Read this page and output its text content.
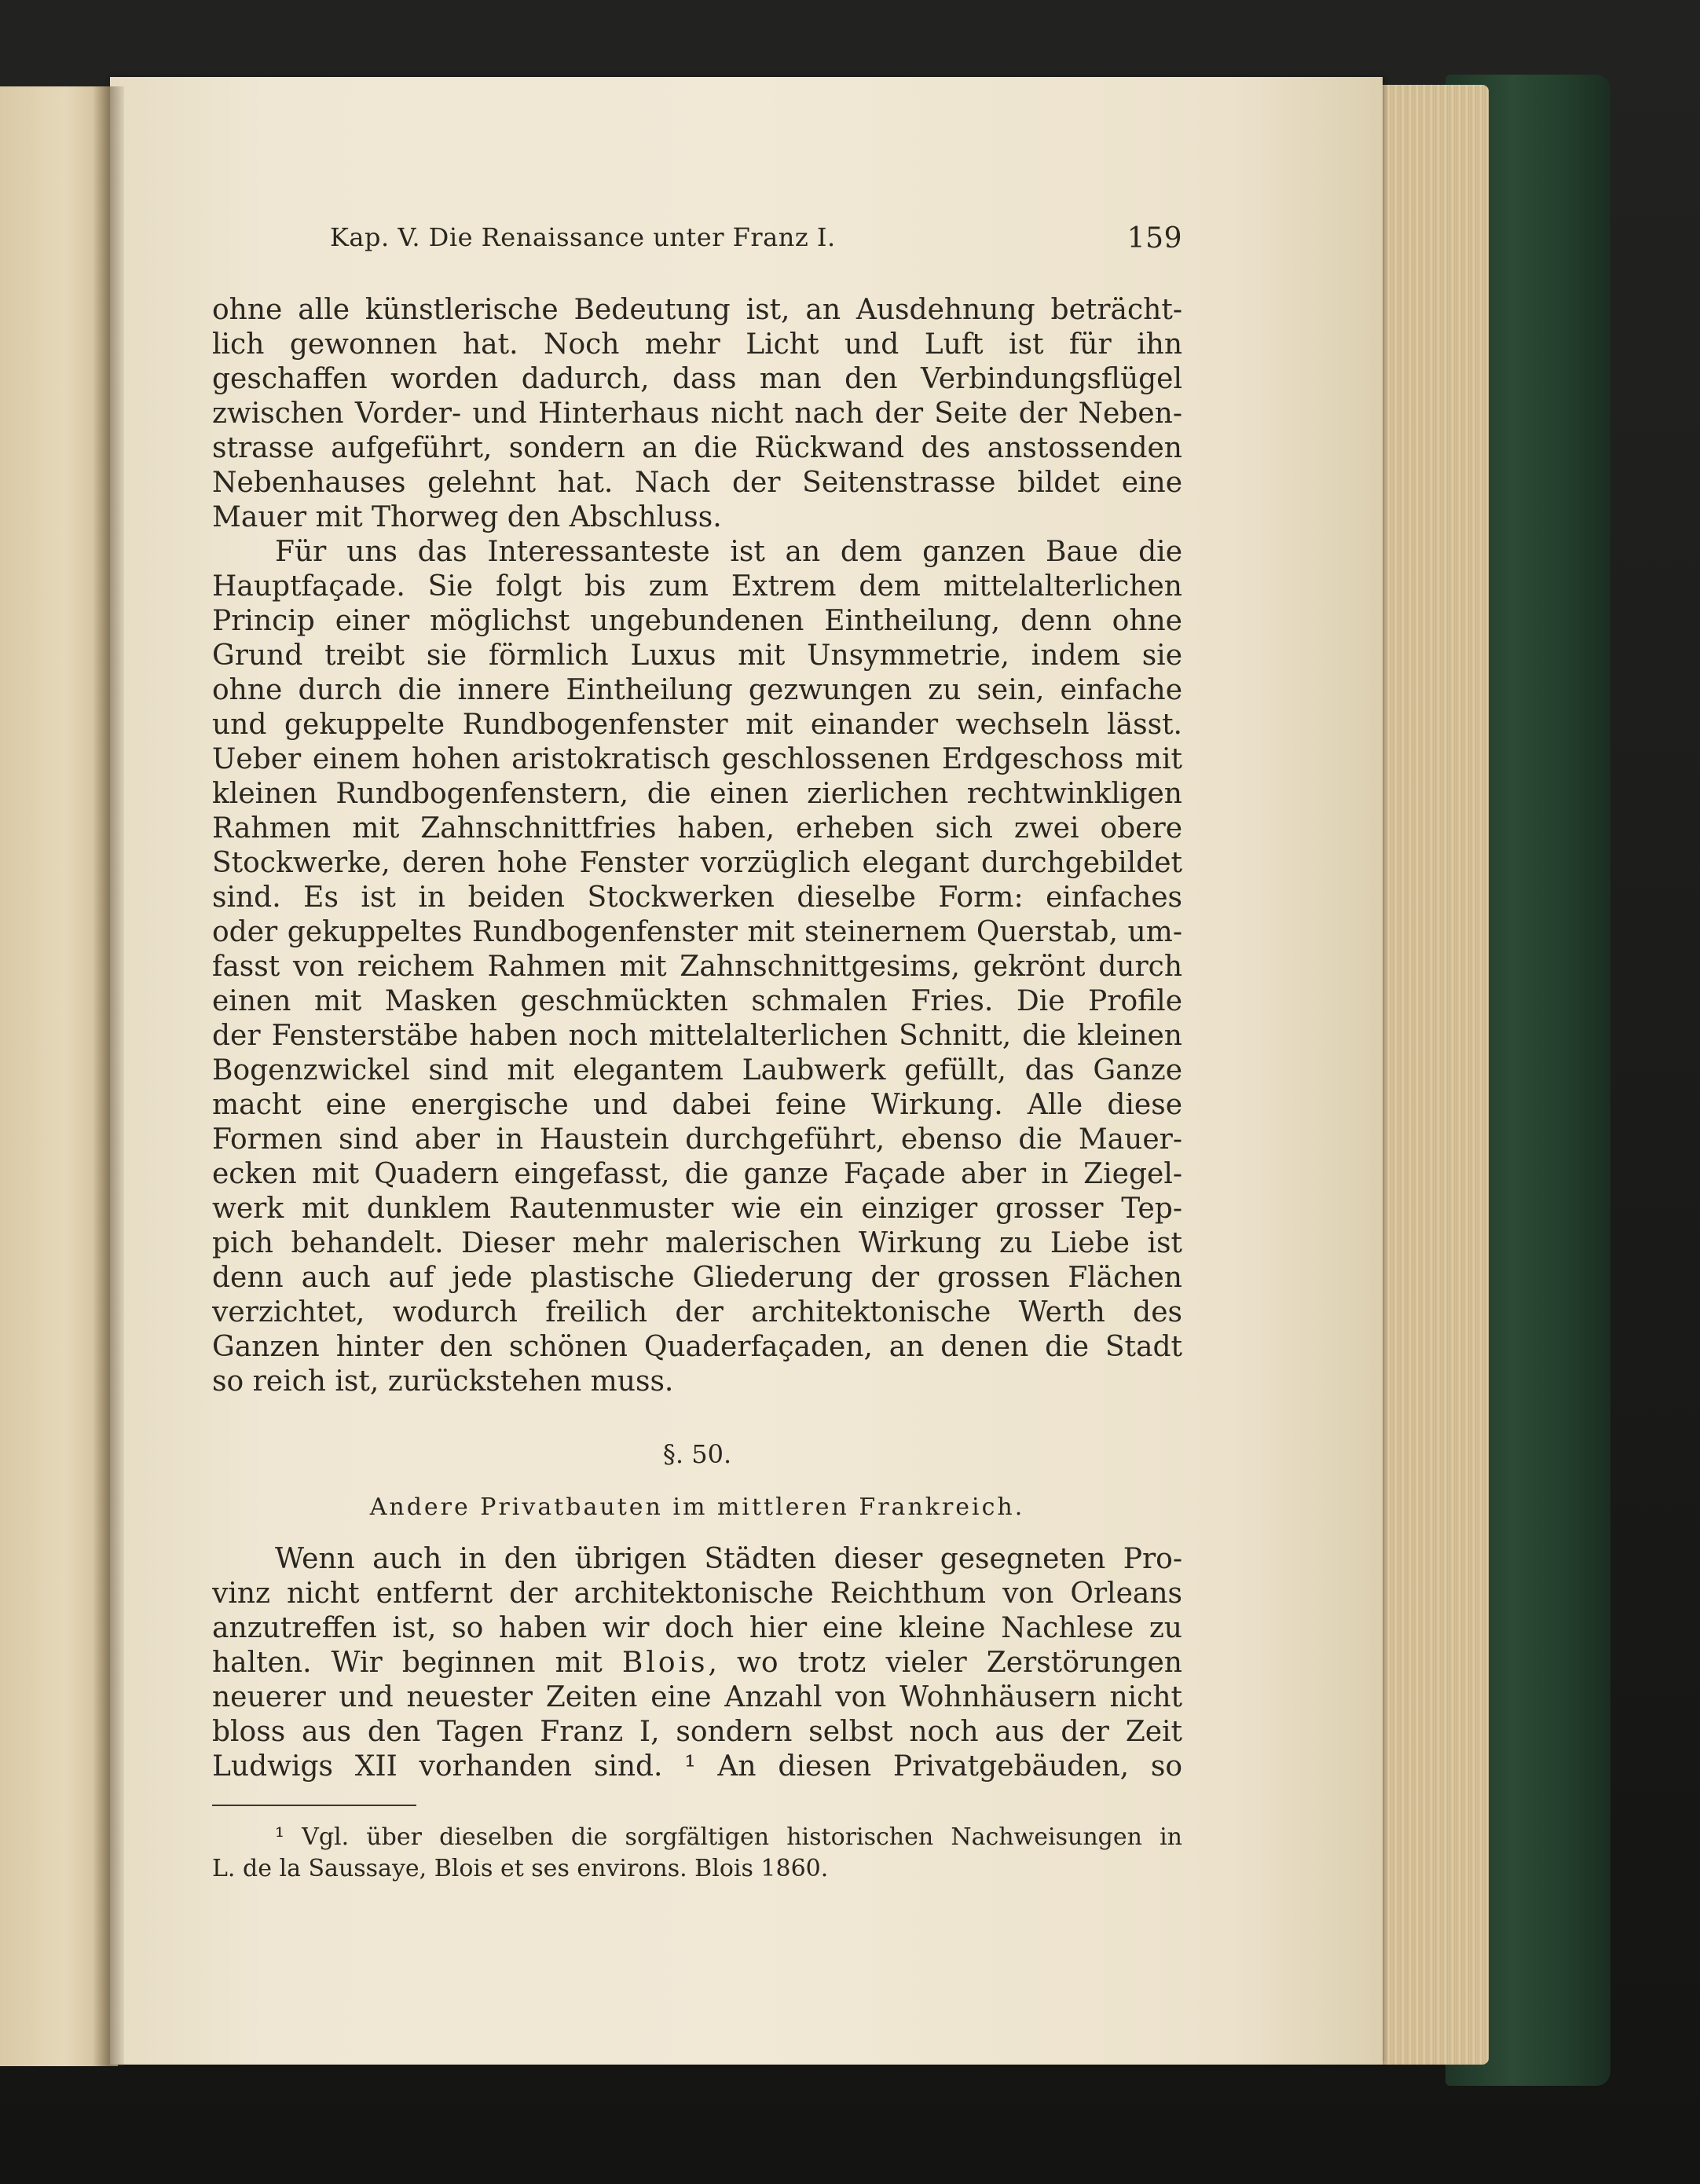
Kap. V. Die Renaissance unter Franz I.	159
ohne alle künstlerische Bedeutung ist, an Ausdehnung beträcht-
lich gewonnen hat. Noch mehr Licht und Luft ist für ihn
geschaffen worden dadurch, dass man den Verbindungsflügel
zwischen Vorder- und Hinterhaus nicht nach der Seite der Neben-
strasse aufgeführt, sondern an die Rückwand des anstossenden
Nebenhauses gelehnt hat. Nach der Seitenstrasse bildet eine
Mauer mit Thorweg den Abschluss.
Für uns das Interessanteste ist an dem ganzen Baue die
Hauptfaçade. Sie folgt bis zum Extrem dem mittelalterlichen
Princip einer möglichst ungebundenen Eintheilung, denn ohne
Grund treibt sie förmlich Luxus mit Unsymmetrie, indem sie
ohne durch die innere Eintheilung gezwungen zu sein, einfache
und gekuppelte Rundbogenfenster mit einander wechseln lässt.
Ueber einem hohen aristokratisch geschlossenen Erdgeschoss mit
kleinen Rundbogenfenstern, die einen zierlichen rechtwinkligen
Rahmen mit Zahnschnittfries haben, erheben sich zwei obere
Stockwerke, deren hohe Fenster vorzüglich elegant durchgebildet
sind. Es ist in beiden Stockwerken dieselbe Form: einfaches
oder gekuppeltes Rundbogenfenster mit steinernem Querstab, um-
fasst von reichem Rahmen mit Zahnschnittgesims, gekrönt durch
einen mit Masken geschmückten schmalen Fries. Die Profile
der Fensterstäbe haben noch mittelalterlichen Schnitt, die kleinen
Bogenzwickel sind mit elegantem Laubwerk gefüllt, das Ganze
macht eine energische und dabei feine Wirkung. Alle diese
Formen sind aber in Haustein durchgeführt, ebenso die Mauer-
ecken mit Quadern eingefasst, die ganze Façade aber in Ziegel-
werk mit dunklem Rautenmuster wie ein einziger grosser Tep-
pich behandelt. Dieser mehr malerischen Wirkung zu Liebe ist
denn auch auf jede plastische Gliederung der grossen Flächen
verzichtet, wodurch freilich der architektonische Werth des
Ganzen hinter den schönen Quaderfaçaden, an denen die Stadt
so reich ist, zurückstehen muss.
§. 50.
Andere Privatbauten im mittleren Frankreich.
Wenn auch in den übrigen Städten dieser gesegneten Pro-
vinz nicht entfernt der architektonische Reichthum von Orleans
anzutreffen ist, so haben wir doch hier eine kleine Nachlese zu
halten. Wir beginnen mit Blois, wo trotz vieler Zerstörungen
neuerer und neuester Zeiten eine Anzahl von Wohnhäusern nicht
bloss aus den Tagen Franz I, sondern selbst noch aus der Zeit
Ludwigs XII vorhanden sind. ¹ An diesen Privatgebäuden, so
¹ Vgl. über dieselben die sorgfältigen historischen Nachweisungen in
L. de la Saussaye, Blois et ses environs. Blois 1860.
